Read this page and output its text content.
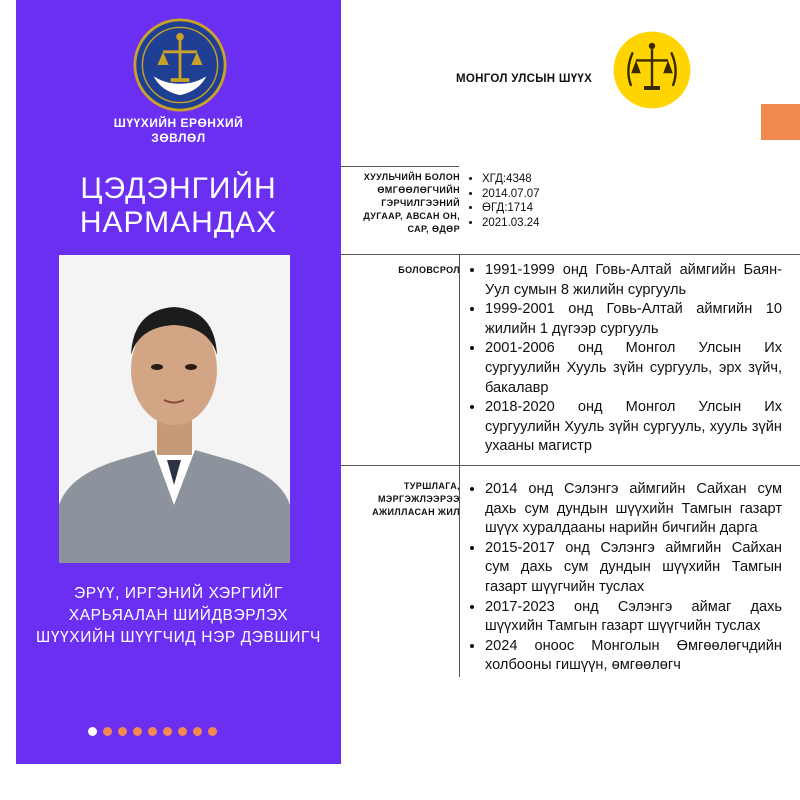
ШҮҮХИЙН ЕРӨНХИЙ
ЗӨВЛӨЛ
ЦЭДЭНГИЙН
НАРМАНДАХ
ЭРҮҮ, ИРГЭНИЙ ХЭРГИЙГ
ХАРЬЯАЛАН ШИЙДВЭРЛЭХ
ШҮҮХИЙН ШҮҮГЧИД НЭР ДЭВШИГЧ
МОНГОЛ УЛСЫН ШҮҮХ
ХУУЛЬЧИЙН БОЛОН
ӨМГӨӨЛӨГЧИЙН
ГЭРЧИЛГЭЭНИЙ
ДУГААР, АВСАН ОН,
САР, ӨДӨР
• ХГД:4348
• 2014.07.07
• ӨГД:1714
• 2021.03.24
БОЛОВСРОЛ
• 1991-1999 онд Говь-Алтай аймгийн Баян-Уул сумын 8 жилийн сургууль
• 1999-2001 онд Говь-Алтай аймгийн 10 жилийн 1 дүгээр сургууль
• 2001-2006 онд Монгол Улсын Их сургуулийн Хууль зүйн сургууль, эрх зүйч, бакалавр
• 2018-2020 онд Монгол Улсын Их сургуулийн Хууль зүйн сургууль, хууль зүйн ухааны магистр
ТУРШЛАГА,
МЭРГЭЖЛЭЭРЭЭ
АЖИЛЛАСАН ЖИЛ
• 2014 онд Сэлэнгэ аймгийн Сайхан сум дахь сум дундын шүүхийн Тамгын газарт шүүх хуралдааны нарийн бичгийн дарга
• 2015-2017 онд Сэлэнгэ аймгийн Сайхан сум дахь сум дундын шүүхийн Тамгын газарт шүүгчийн туслах
• 2017-2023 онд Сэлэнгэ аймаг дахь шүүхийн Тамгын газарт шүүгчийн туслах
• 2024 оноос Монголын Өмгөөлөгчдийн холбооны гишүүн, өмгөөлөгч
